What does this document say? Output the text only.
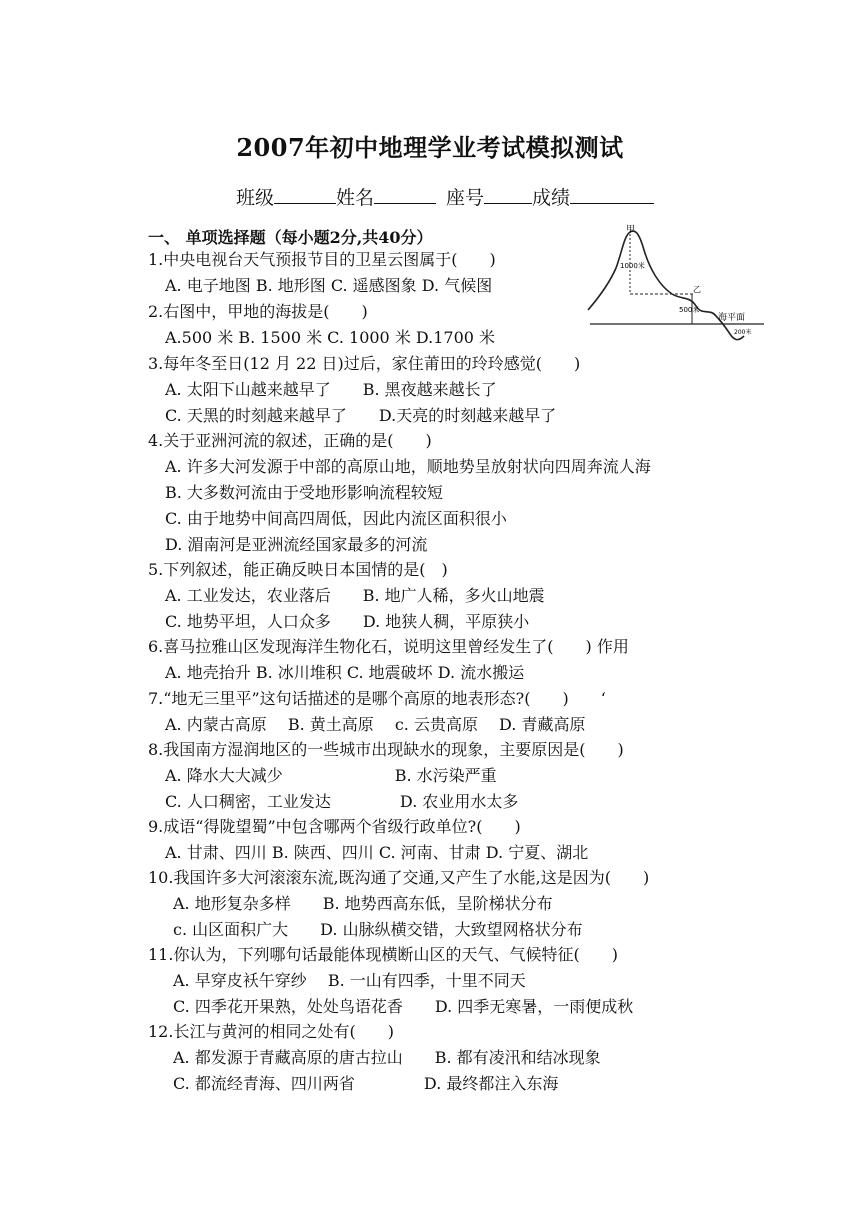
2007年初中地理学业考试模拟测试
班级	姓名	座号	成绩
一、 单项选择题（每小题2分,共40分）
1.中央电视台天气预报节目的卫星云图属于(　　)
A. 电子地图 B. 地形图 C. 遥感图象 D. 气候图
2.右图中，甲地的海拔是(　　)
A.500 米 B. 1500 米 C. 1000 米 D.1700 米
3.每年冬至日(12 月 22 日)过后，家住莆田的玲玲感觉(　　)
A. 太阳下山越来越早了　　B. 黑夜越来越长了
C. 天黑的时刻越来越早了　　D.天亮的时刻越来越早了
4.关于亚洲河流的叙述，正确的是(　　)
A. 许多大河发源于中部的高原山地，顺地势呈放射状向四周奔流人海
B. 大多数河流由于受地形影响流程较短
C. 由于地势中间高四周低，因此内流区面积很小
D. 湄南河是亚洲流经国家最多的河流
5.下列叙述，能正确反映日本国情的是(　)
A. 工业发达，农业落后　　B. 地广人稀，多火山地震
C. 地势平坦，人口众多　　D. 地狭人稠，平原狭小
6.喜马拉雅山区发现海洋生物化石，说明这里曾经发生了(　　) 作用
A. 地壳抬升 B. 冰川堆积 C. 地震破坏 D. 流水搬运
7.“地无三里平”这句话描述的是哪个高原的地表形态?(　　)　　‘
A. 内蒙古高原　 B. 黄土高原　 c. 云贵高原　 D. 青藏高原
8.我国南方湿润地区的一些城市出现缺水的现象，主要原因是(　　)
A. 降水大大减少　　　　　　　B. 水污染严重
C. 人口稠密，工业发达　　　　 D. 农业用水太多
9.成语“得陇望蜀”中包含哪两个省级行政单位?(　　)
A. 甘肃、四川 B. 陕西、四川 C. 河南、甘肃 D. 宁夏、湖北
10.我国许多大河滚滚东流,既沟通了交通,又产生了水能,这是因为(　　)
A. 地形复杂多样　　B. 地势西高东低，呈阶梯状分布
c. 山区面积广大　　D. 山脉纵横交错，大致望网格状分布
11.你认为，下列哪句话最能体现横断山区的天气、气候特征(　　)
A. 早穿皮袄午穿纱　 B. 一山有四季，十里不同天
C. 四季花开果熟，处处鸟语花香　　D. 四季无寒暑，一雨便成秋
12.长江与黄河的相同之处有(　　)
A. 都发源于青藏高原的唐古拉山　　B. 都有凌汛和结冰现象
C. 都流经青海、四川两省　　　　 D. 最终都注入东海
甲
1000米
乙
500米
海平面
200米
